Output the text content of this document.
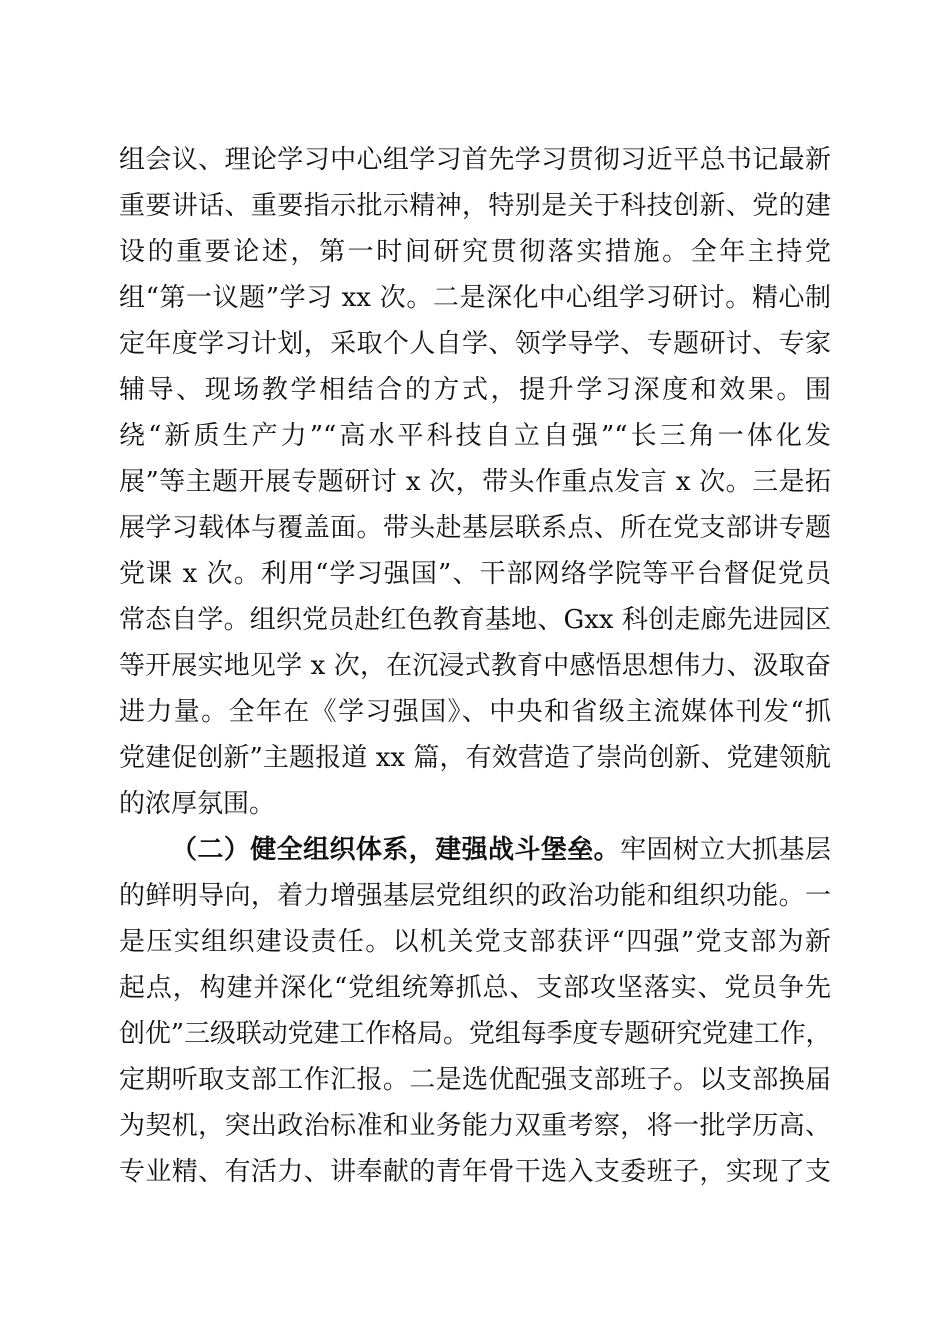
组会议、理论学习中心组学习首先学习贯彻习近平总书记最新
重要讲话、重要指示批示精神，特别是关于科技创新、党的建
设的重要论述，第一时间研究贯彻落实措施。全年主持党
组“第一议题”学习 xx 次。二是深化中心组学习研讨。精心制
定年度学习计划，采取个人自学、领学导学、专题研讨、专家
辅导、现场教学相结合的方式，提升学习深度和效果。围
绕“新质生产力”“高水平科技自立自强”“长三角一体化发
展”等主题开展专题研讨 x 次，带头作重点发言 x 次。三是拓
展学习载体与覆盖面。带头赴基层联系点、所在党支部讲专题
党课 x 次。利用“学习强国”、干部网络学院等平台督促党员
常态自学。组织党员赴红色教育基地、Gxx 科创走廊先进园区
等开展实地见学 x 次，在沉浸式教育中感悟思想伟力、汲取奋
进力量。全年在《学习强国》、中央和省级主流媒体刊发“抓
党建促创新”主题报道 xx 篇，有效营造了崇尚创新、党建领航
的浓厚氛围。
（二）健全组织体系，建强战斗堡垒。牢固树立大抓基层
的鲜明导向，着力增强基层党组织的政治功能和组织功能。一
是压实组织建设责任。以机关党支部获评“四强”党支部为新
起点，构建并深化“党组统筹抓总、支部攻坚落实、党员争先
创优”三级联动党建工作格局。党组每季度专题研究党建工作，
定期听取支部工作汇报。二是选优配强支部班子。以支部换届
为契机，突出政治标准和业务能力双重考察，将一批学历高、
专业精、有活力、讲奉献的青年骨干选入支委班子，实现了支
